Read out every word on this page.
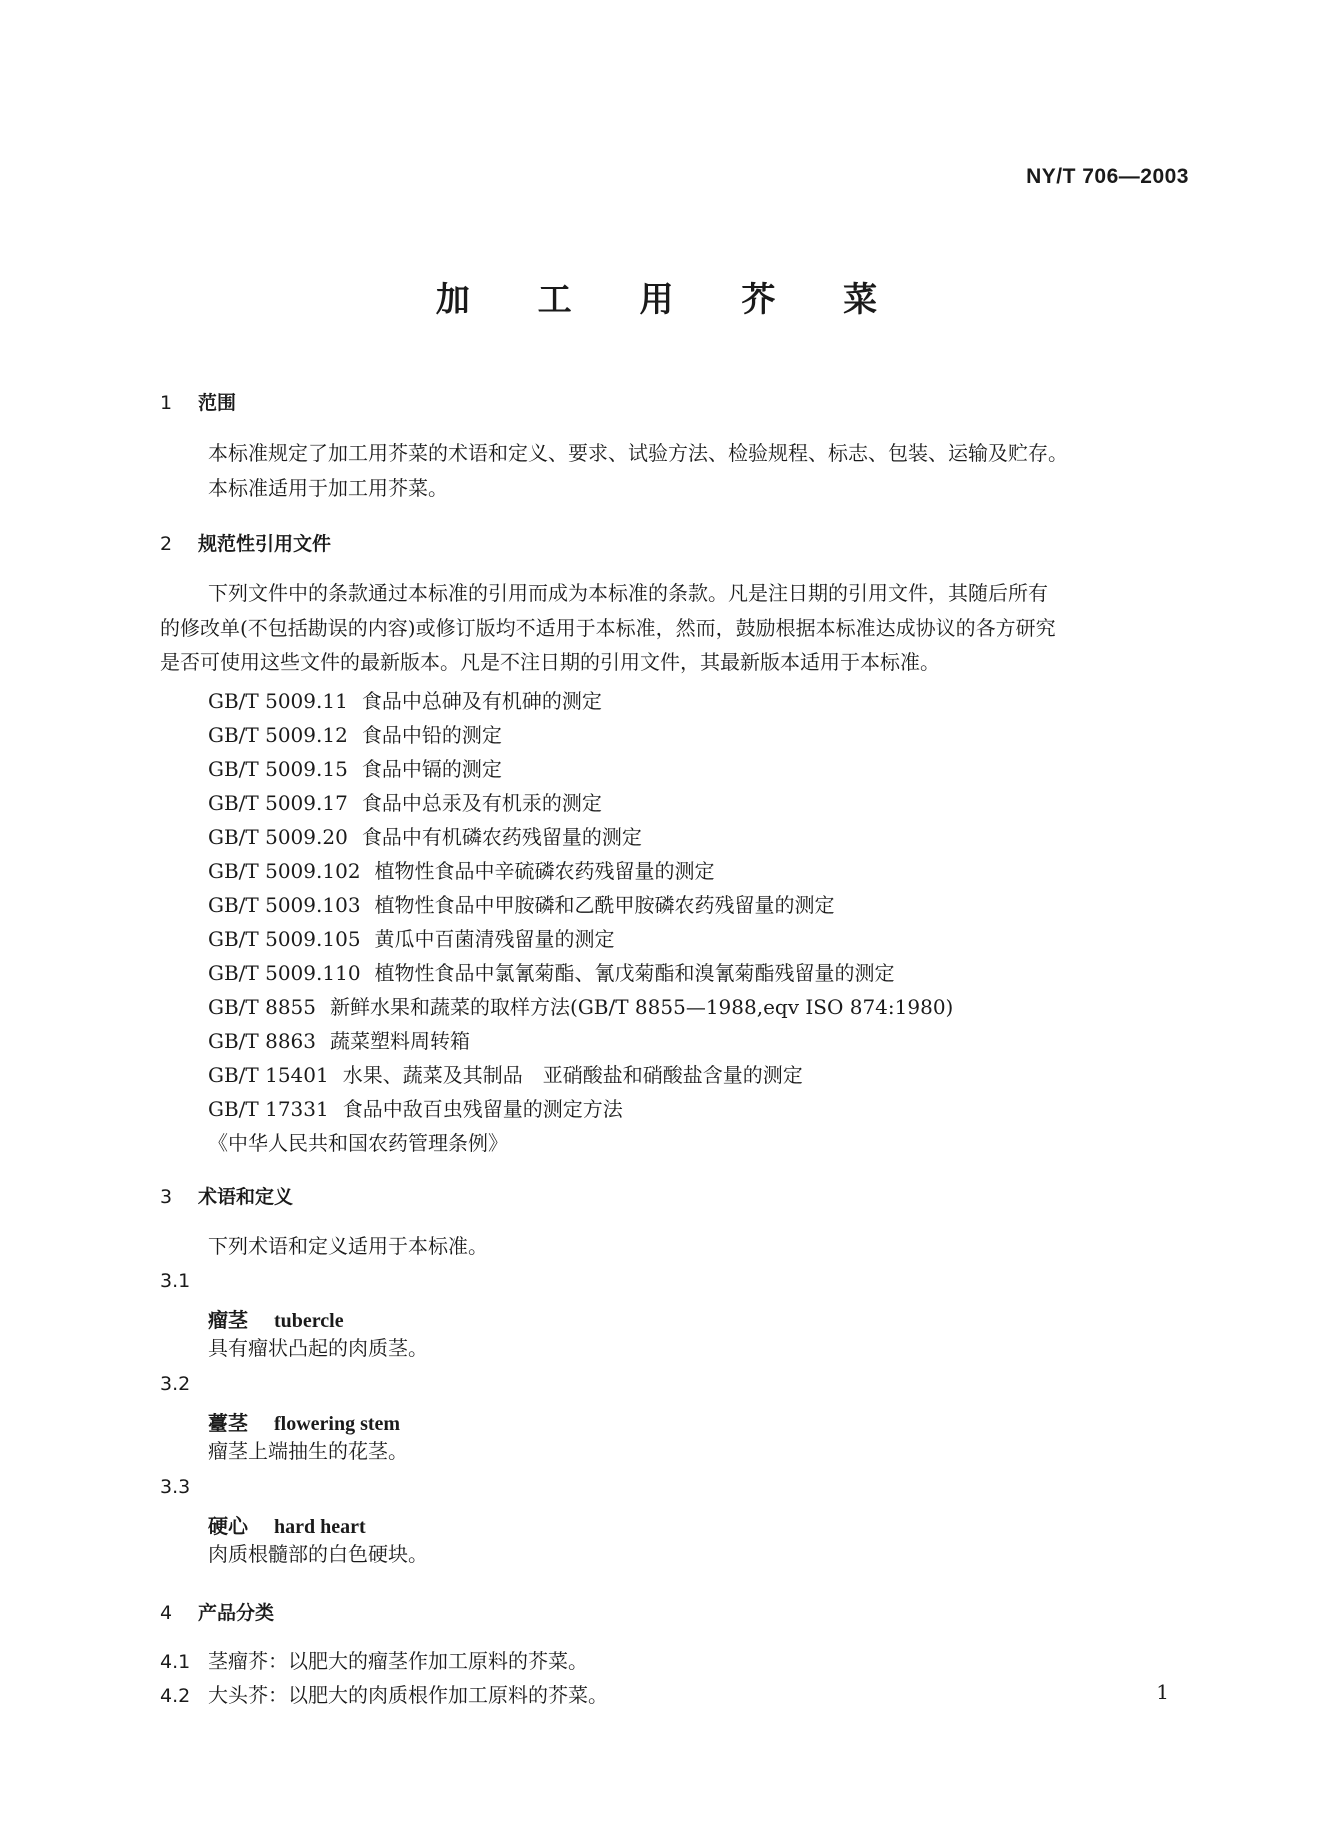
NY/T 706—2003
加 工 用 芥 菜
1 范围
本标准规定了加工用芥菜的术语和定义、要求、试验方法、检验规程、标志、包装、运输及贮存。
本标准适用于加工用芥菜。
2 规范性引用文件
下列文件中的条款通过本标准的引用而成为本标准的条款。凡是注日期的引用文件，其随后所有
的修改单(不包括勘误的内容)或修订版均不适用于本标准，然而，鼓励根据本标准达成协议的各方研究
是否可使用这些文件的最新版本。凡是不注日期的引用文件，其最新版本适用于本标准。
GB/T 5009.11 食品中总砷及有机砷的测定
GB/T 5009.12 食品中铅的测定
GB/T 5009.15 食品中镉的测定
GB/T 5009.17 食品中总汞及有机汞的测定
GB/T 5009.20 食品中有机磷农药残留量的测定
GB/T 5009.102 植物性食品中辛硫磷农药残留量的测定
GB/T 5009.103 植物性食品中甲胺磷和乙酰甲胺磷农药残留量的测定
GB/T 5009.105 黄瓜中百菌清残留量的测定
GB/T 5009.110 植物性食品中氯氰菊酯、氰戊菊酯和溴氰菊酯残留量的测定
GB/T 8855 新鲜水果和蔬菜的取样方法(GB/T 8855—1988,eqv ISO 874:1980)
GB/T 8863 蔬菜塑料周转箱
GB/T 15401 水果、蔬菜及其制品　亚硝酸盐和硝酸盐含量的测定
GB/T 17331 食品中敌百虫残留量的测定方法
《中华人民共和国农药管理条例》
3 术语和定义
下列术语和定义适用于本标准。
3.1
瘤茎 tubercle
具有瘤状凸起的肉质茎。
3.2
薹茎 flowering stem
瘤茎上端抽生的花茎。
3.3
硬心 hard heart
肉质根髓部的白色硬块。
4 产品分类
4.1 茎瘤芥：以肥大的瘤茎作加工原料的芥菜。
4.2 大头芥：以肥大的肉质根作加工原料的芥菜。	1
